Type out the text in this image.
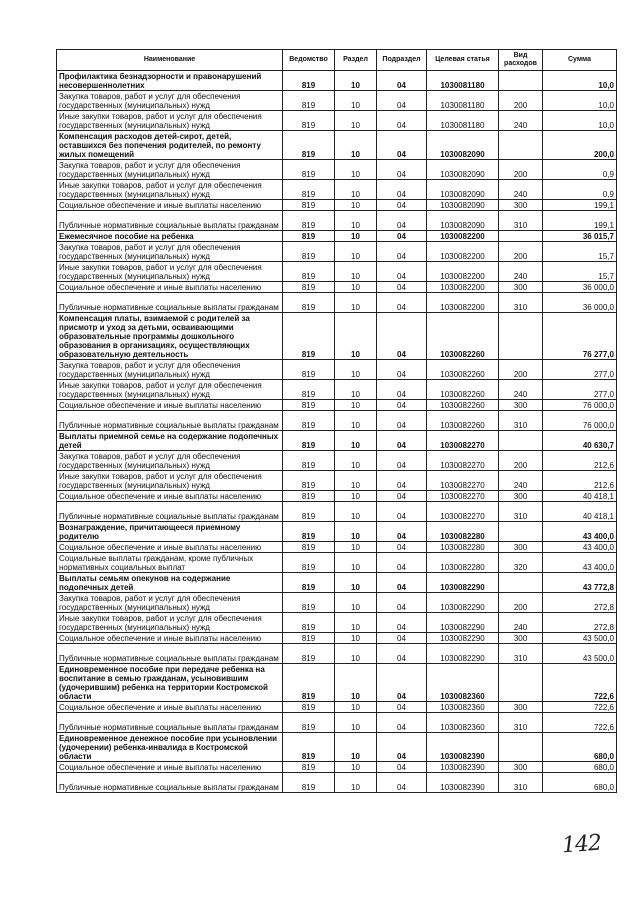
Наименование	Ведомство	Раздел	Подраздел	Целевая статья	Вид расходов	Сумма
Профилактика безнадзорности и правонарушений несовершеннолетних	819	10	04	1030081180		10,0
Закупка товаров, работ и услуг для обеспечения государственных (муниципальных) нужд	819	10	04	1030081180	200	10,0
Иные закупки товаров, работ и услуг для обеспечения государственных (муниципальных) нужд	819	10	04	1030081180	240	10,0
Компенсация расходов детей-сирот, детей, оставшихся без попечения родителей, по ремонту жилых помещений	819	10	04	1030082090		200,0
Закупка товаров, работ и услуг для обеспечения государственных (муниципальных) нужд	819	10	04	1030082090	200	0,9
Иные закупки товаров, работ и услуг для обеспечения государственных (муниципальных) нужд	819	10	04	1030082090	240	0,9
Социальное обеспечение и иные выплаты населению	819	10	04	1030082090	300	199,1
Публичные нормативные социальные выплаты гражданам	819	10	04	1030082090	310	199,1
Ежемесячное пособие на ребенка	819	10	04	1030082200		36 015,7
Закупка товаров, работ и услуг для обеспечения государственных (муниципальных) нужд	819	10	04	1030082200	200	15,7
Иные закупки товаров, работ и услуг для обеспечения государственных (муниципальных) нужд	819	10	04	1030082200	240	15,7
Социальное обеспечение и иные выплаты населению	819	10	04	1030082200	300	36 000,0
Публичные нормативные социальные выплаты гражданам	819	10	04	1030082200	310	36 000,0
Компенсация платы, взимаемой с родителей за присмотр и уход за детьми, осваивающими образовательные программы дошкольного образования в организациях, осуществляющих образовательную деятельность	819	10	04	1030082260		76 277,0
Закупка товаров, работ и услуг для обеспечения государственных (муниципальных) нужд	819	10	04	1030082260	200	277,0
Иные закупки товаров, работ и услуг для обеспечения государственных (муниципальных) нужд	819	10	04	1030082260	240	277,0
Социальное обеспечение и иные выплаты населению	819	10	04	1030082260	300	76 000,0
Публичные нормативные социальные выплаты гражданам	819	10	04	1030082260	310	76 000,0
Выплаты приемной семье на содержание подопечных детей	819	10	04	1030082270		40 630,7
Закупка товаров, работ и услуг для обеспечения государственных (муниципальных) нужд	819	10	04	1030082270	200	212,6
Иные закупки товаров, работ и услуг для обеспечения государственных (муниципальных) нужд	819	10	04	1030082270	240	212,6
Социальное обеспечение и иные выплаты населению	819	10	04	1030082270	300	40 418,1
Публичные нормативные социальные выплаты гражданам	819	10	04	1030082270	310	40 418,1
Вознаграждение, причитающееся приемному родителю	819	10	04	1030082280		43 400,0
Социальное обеспечение и иные выплаты населению	819	10	04	1030082280	300	43 400,0
Социальные выплаты гражданам, кроме публичных нормативных социальных выплат	819	10	04	1030082280	320	43 400,0
Выплаты семьям опекунов на содержание подопечных детей	819	10	04	1030082290		43 772,8
Закупка товаров, работ и услуг для обеспечения государственных (муниципальных) нужд	819	10	04	1030082290	200	272,8
Иные закупки товаров, работ и услуг для обеспечения государственных (муниципальных) нужд	819	10	04	1030082290	240	272,8
Социальное обеспечение и иные выплаты населению	819	10	04	1030082290	300	43 500,0
Публичные нормативные социальные выплаты гражданам	819	10	04	1030082290	310	43 500,0
Единовременное пособие при передаче ребенка на воспитание в семью гражданам, усыновившим (удочерившим) ребенка на территории Костромской области	819	10	04	1030082360		722,6
Социальное обеспечение и иные выплаты населению	819	10	04	1030082360	300	722,6
Публичные нормативные социальные выплаты гражданам	819	10	04	1030082360	310	722,6
Единовременное денежное пособие при усыновлении (удочерении) ребенка-инвалида в Костромской области	819	10	04	1030082390		680,0
Социальное обеспечение и иные выплаты населению	819	10	04	1030082390	300	680,0
Публичные нормативные социальные выплаты гражданам	819	10	04	1030082390	310	680,0
142
